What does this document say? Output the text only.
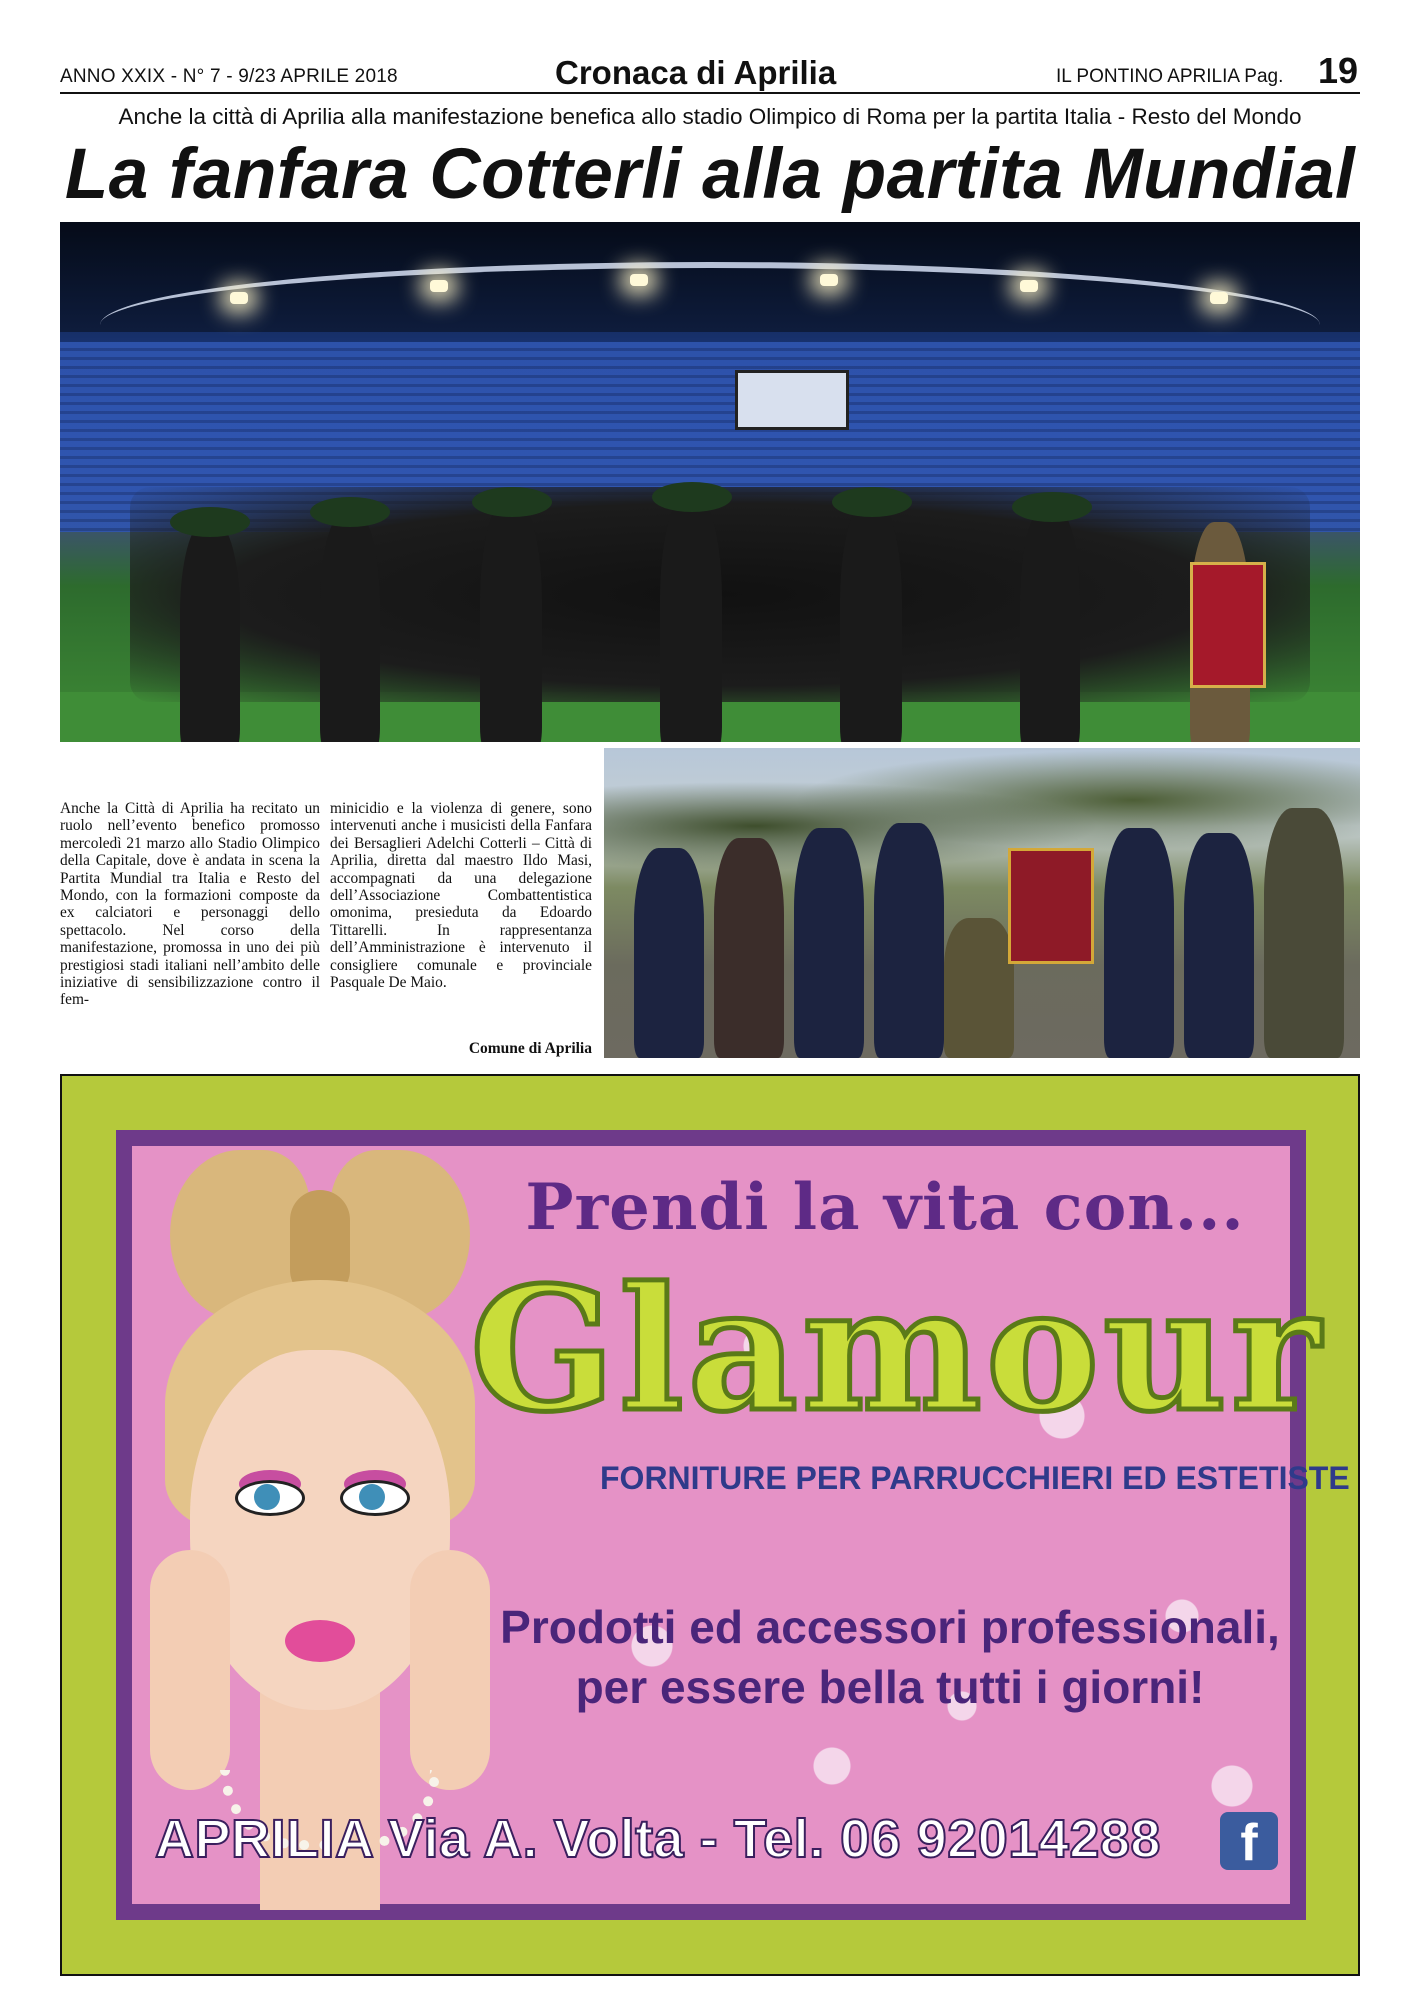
ANNO XXIX - N° 7 - 9/23 APRILE 2018	Cronaca di Aprilia	IL PONTINO APRILIA Pag. 19
Anche la città di Aprilia alla manifestazione benefica allo stadio Olimpico di Roma per la partita Italia - Resto del Mondo
La fanfara Cotterli alla partita Mundial
Anche la Città di Aprilia ha recitato un ruolo nell’evento benefico promosso mercoledì 21 marzo allo Stadio Olimpico della Capitale, dove è andata in scena la Partita Mundial tra Italia e Resto del Mondo, con la formazioni composte da ex calciatori e personaggi dello spettacolo. Nel corso della manifestazione, promossa in uno dei più prestigiosi stadi italiani nell’ambito delle iniziative di sensibilizzazione contro il fem-
minicidio e la violenza di genere, sono intervenuti anche i musicisti della Fanfara dei Bersaglieri Adelchi Cotterli – Città di Aprilia, diretta dal maestro Ildo Masi, accompagnati da una delegazione dell’Associazione Combattentistica omonima, presieduta da Edoardo Tittarelli. In rappresentanza dell’Amministrazione è intervenuto il consigliere comunale e provinciale Pasquale De Maio.
Comune di Aprilia
Prendi la vita con...
Glamour
FORNITURE PER PARRUCCHIERI ED ESTETISTE
Prodotti ed accessori professionali,
per essere bella tutti i giorni!
APRILIA Via A. Volta - Tel. 06 92014288	f
